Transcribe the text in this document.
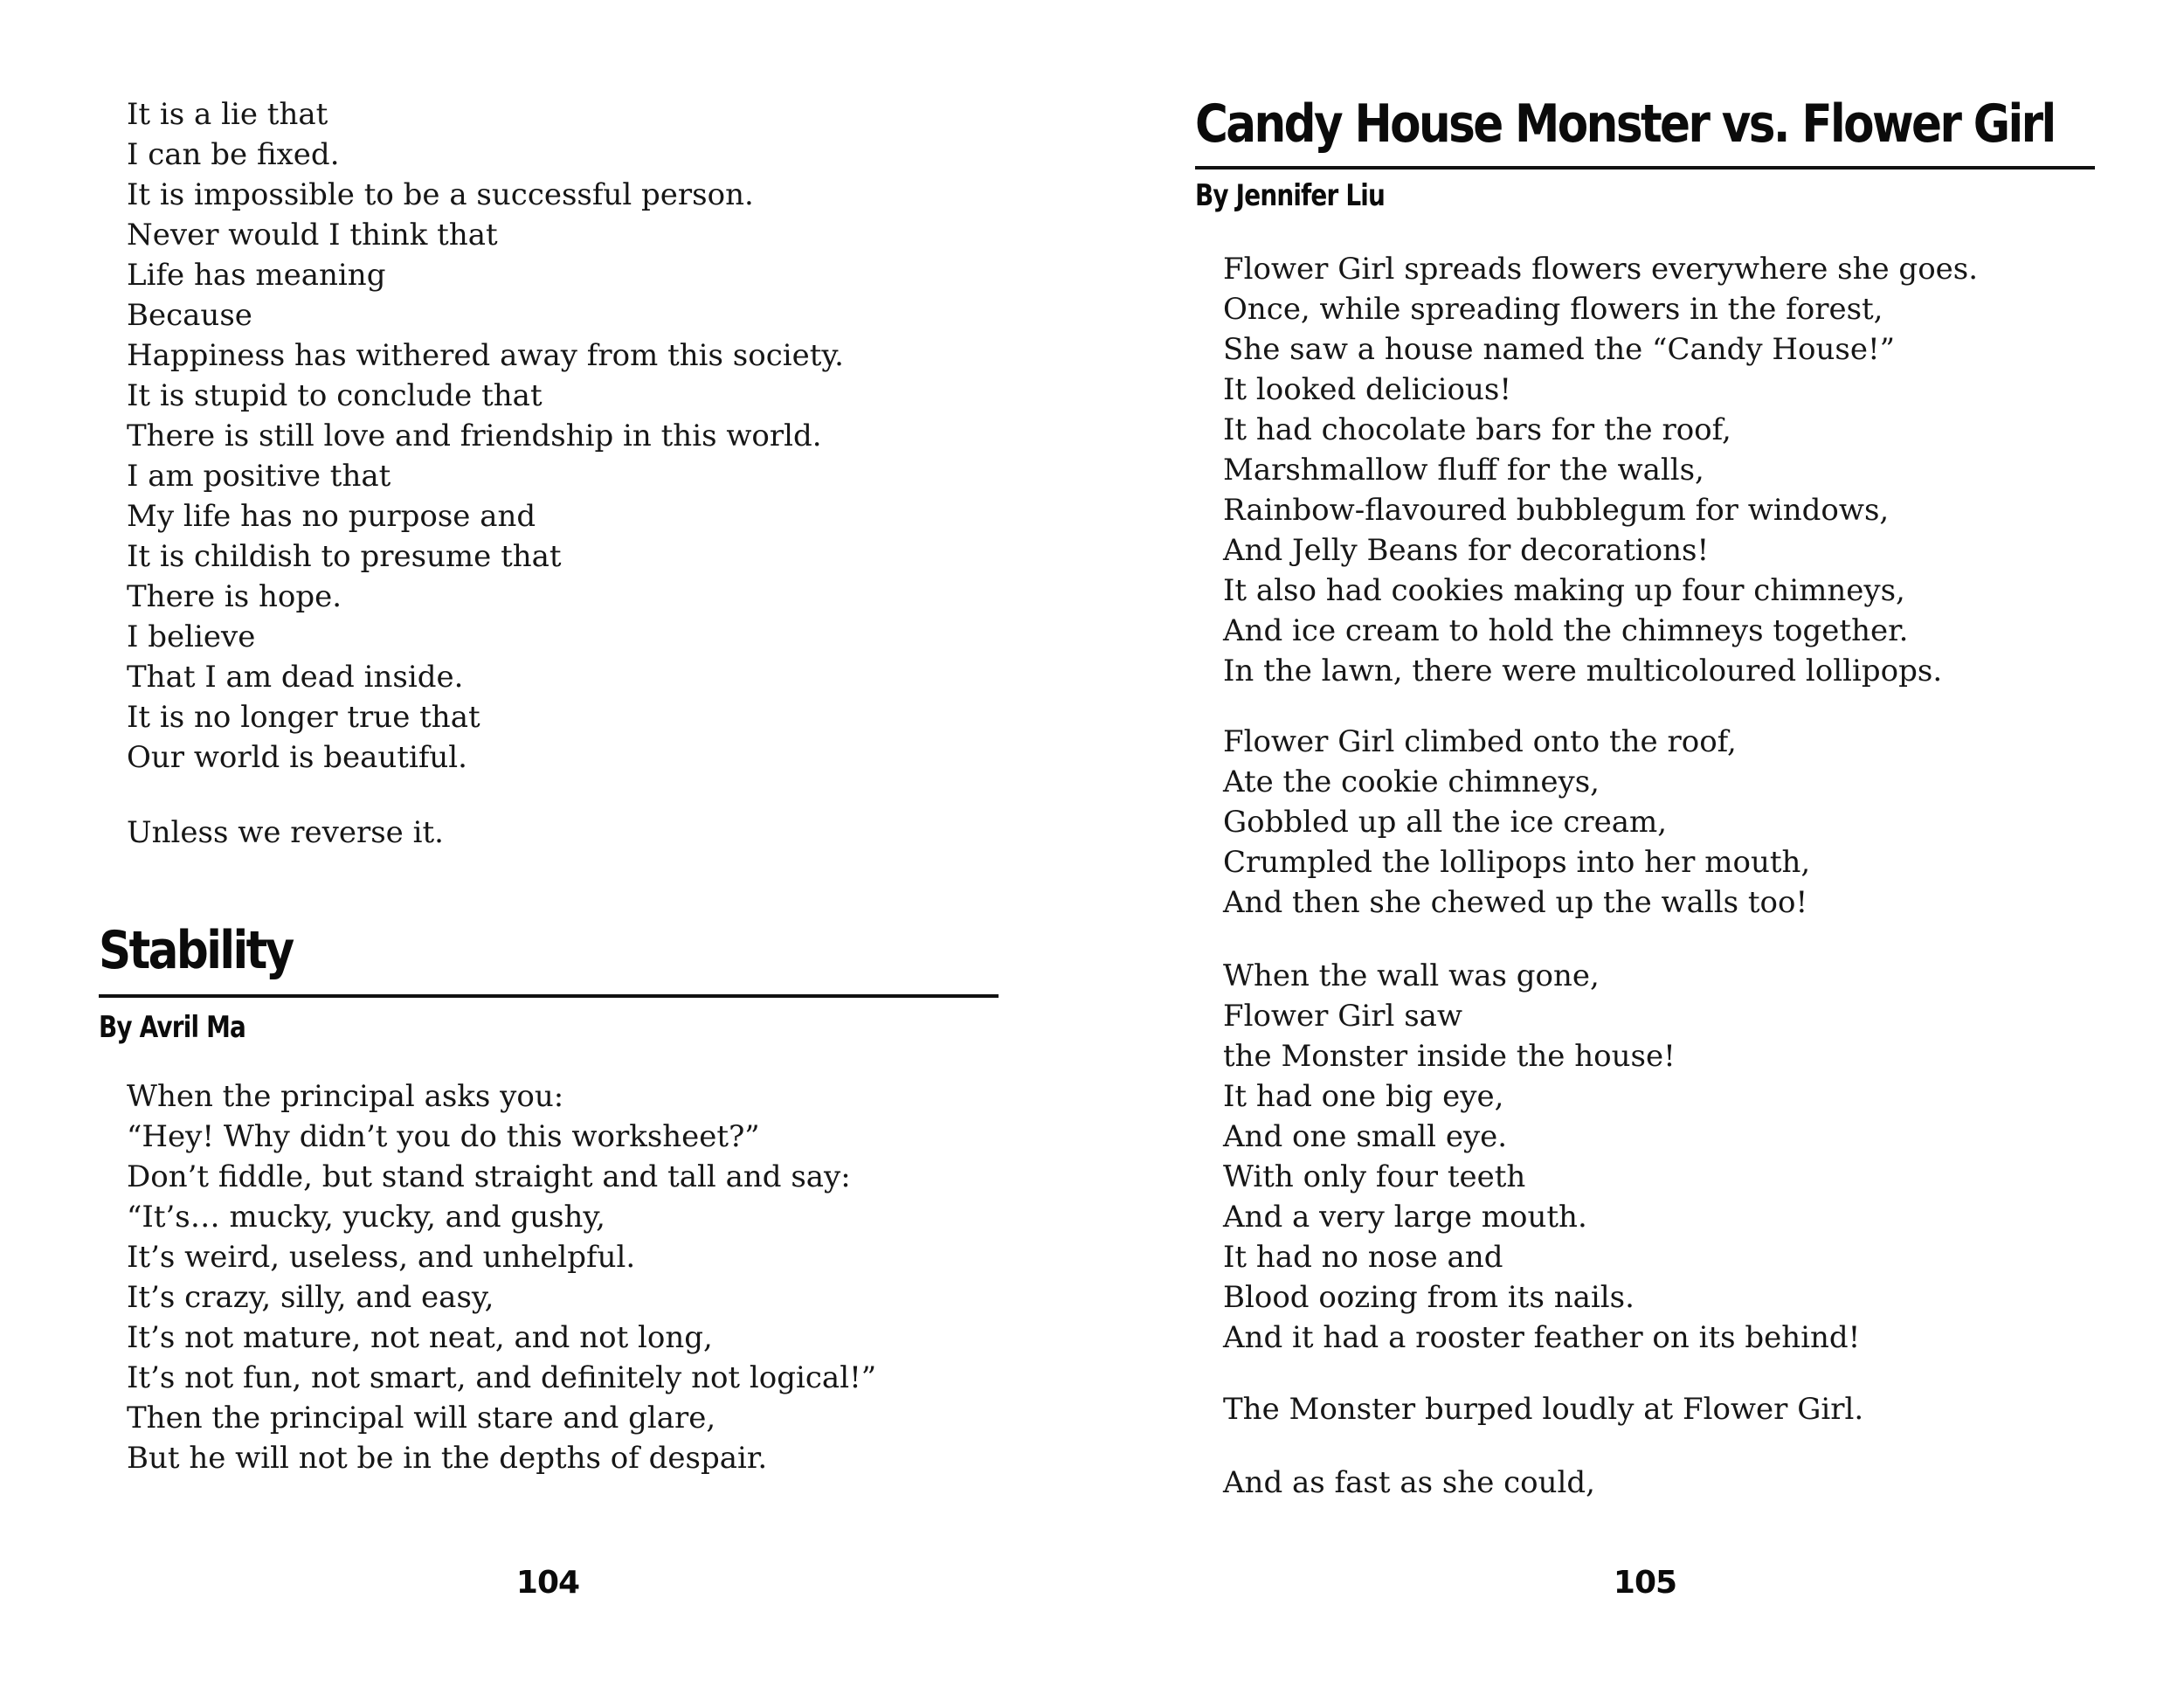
It is a lie that
I can be fixed.
It is impossible to be a successful person.
Never would I think that
Life has meaning
Because
Happiness has withered away from this society.
It is stupid to conclude that
There is still love and friendship in this world.
I am positive that
My life has no purpose and
It is childish to presume that
There is hope.
I believe
That I am dead inside.
It is no longer true that
Our world is beautiful.
Unless we reverse it.
Stability

By Avril Ma

When the principal asks you:
“Hey! Why didn’t you do this worksheet?”
Don’t fiddle, but stand straight and tall and say:
“It’s… mucky, yucky, and gushy,
It’s weird, useless, and unhelpful.
It’s crazy, silly, and easy,
It’s not mature, not neat, and not long,
It’s not fun, not smart, and definitely not logical!”
Then the principal will stare and glare,
But he will not be in the depths of despair.
104
Candy House Monster vs. Flower Girl

By Jennifer Liu

Flower Girl spreads flowers everywhere she goes.
Once, while spreading flowers in the forest,
She saw a house named the “Candy House!”
It looked delicious!
It had chocolate bars for the roof,
Marshmallow fluff for the walls,
Rainbow-flavoured bubblegum for windows,
And Jelly Beans for decorations!
It also had cookies making up four chimneys,
And ice cream to hold the chimneys together.
In the lawn, there were multicoloured lollipops.
Flower Girl climbed onto the roof,
Ate the cookie chimneys,
Gobbled up all the ice cream,
Crumpled the lollipops into her mouth,
And then she chewed up the walls too!
When the wall was gone,
Flower Girl saw
the Monster inside the house!
It had one big eye,
And one small eye.
With only four teeth
And a very large mouth.
It had no nose and
Blood oozing from its nails.
And it had a rooster feather on its behind!
The Monster burped loudly at Flower Girl.
And as fast as she could,
105
